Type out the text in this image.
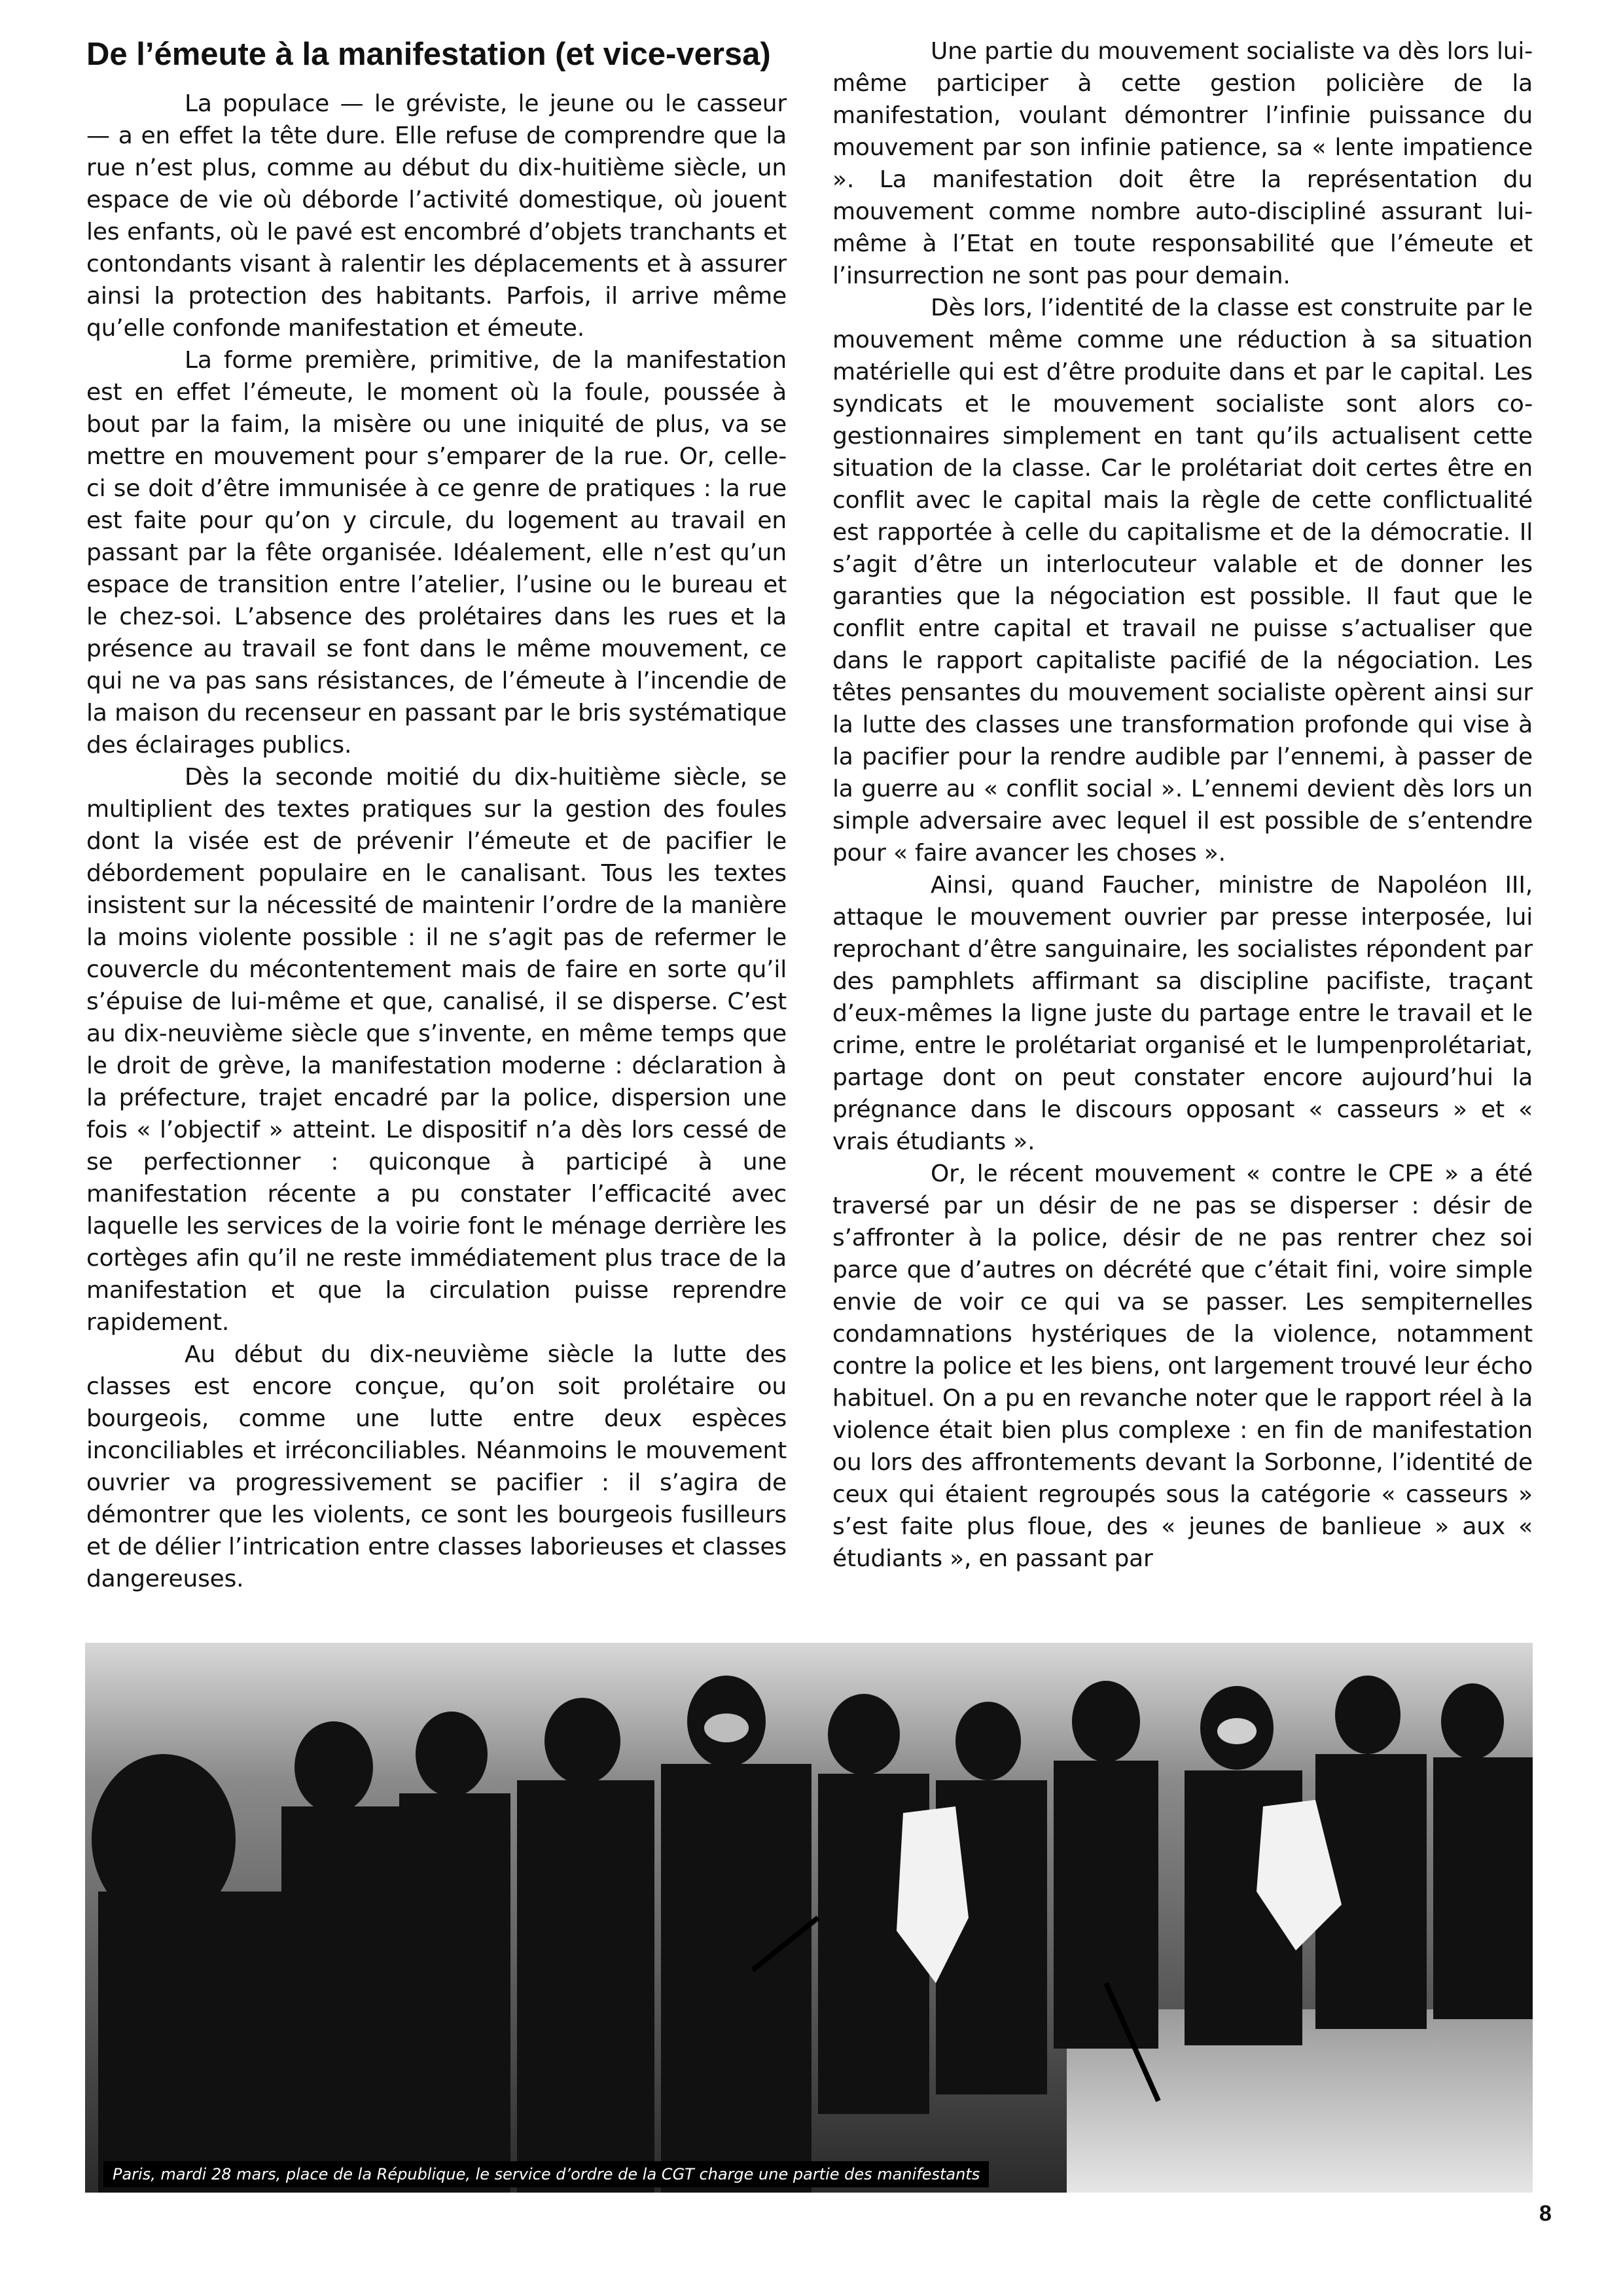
De l’émeute à la manifestation (et vice-versa)

La populace — le gréviste, le jeune ou le casseur — a en effet la tête dure. Elle refuse de comprendre que la rue n’est plus, comme au début du dix-huitième siècle, un espace de vie où déborde l’activité domestique, où jouent les enfants, où le pavé est encombré d’objets tranchants et contondants visant à ralentir les déplacements et à assurer ainsi la protection des habitants. Parfois, il arrive même qu’elle confonde manifestation et émeute.

La forme première, primitive, de la manifestation est en effet l’émeute, le moment où la foule, poussée à bout par la faim, la misère ou une iniquité de plus, va se mettre en mouvement pour s’emparer de la rue. Or, celle-ci se doit d’être immunisée à ce genre de pratiques : la rue est faite pour qu’on y circule, du logement au travail en passant par la fête organisée. Idéalement, elle n’est qu’un espace de transition entre l’atelier, l’usine ou le bureau et le chez-soi. L’absence des prolétaires dans les rues et la présence au travail se font dans le même mouvement, ce qui ne va pas sans résistances, de l’émeute à l’incendie de la maison du recenseur en passant par le bris systématique des éclairages publics.

Dès la seconde moitié du dix-huitième siècle, se multiplient des textes pratiques sur la gestion des foules dont la visée est de prévenir l’émeute et de pacifier le débordement populaire en le canalisant. Tous les textes insistent sur la nécessité de maintenir l’ordre de la manière la moins violente possible : il ne s’agit pas de refermer le couvercle du mécontentement mais de faire en sorte qu’il s’épuise de lui-même et que, canalisé, il se disperse. C’est au dix-neuvième siècle que s’invente, en même temps que le droit de grève, la manifestation moderne : déclaration à la préfecture, trajet encadré par la police, dispersion une fois « l’objectif » atteint. Le dispositif n’a dès lors cessé de se perfectionner : quiconque à participé à une manifestation récente a pu constater l’efficacité avec laquelle les services de la voirie font le ménage derrière les cortèges afin qu’il ne reste immédiatement plus trace de la manifestation et que la circulation puisse reprendre rapidement.

Au début du dix-neuvième siècle la lutte des classes est encore conçue, qu’on soit prolétaire ou bourgeois, comme une lutte entre deux espèces inconciliables et irréconciliables. Néanmoins le mouvement ouvrier va progressivement se pacifier : il s’agira de démontrer que les violents, ce sont les bourgeois fusilleurs et de délier l’intrication entre classes laborieuses et classes dangereuses.

Une partie du mouvement socialiste va dès lors lui-même participer à cette gestion policière de la manifestation, voulant démontrer l’infinie puissance du mouvement par son infinie patience, sa « lente impatience ». La manifestation doit être la représentation du mouvement comme nombre auto-discipliné assurant lui-même à l’Etat en toute responsabilité que l’émeute et l’insurrection ne sont pas pour demain.

Dès lors, l’identité de la classe est construite par le mouvement même comme une réduction à sa situation matérielle qui est d’être produite dans et par le capital. Les syndicats et le mouvement socialiste sont alors co-gestionnaires simplement en tant qu’ils actualisent cette situation de la classe. Car le prolétariat doit certes être en conflit avec le capital mais la règle de cette conflictualité est rapportée à celle du capitalisme et de la démocratie. Il s’agit d’être un interlocuteur valable et de donner les garanties que la négociation est possible. Il faut que le conflit entre capital et travail ne puisse s’actualiser que dans le rapport capitaliste pacifié de la négociation. Les têtes pensantes du mouvement socialiste opèrent ainsi sur la lutte des classes une transformation profonde qui vise à la pacifier pour la rendre audible par l’ennemi, à passer de la guerre au « conflit social ». L’ennemi devient dès lors un simple adversaire avec lequel il est possible de s’entendre pour « faire avancer les choses ».

Ainsi, quand Faucher, ministre de Napoléon III, attaque le mouvement ouvrier par presse interposée, lui reprochant d’être sanguinaire, les socialistes répondent par des pamphlets affirmant sa discipline pacifiste, traçant d’eux-mêmes la ligne juste du partage entre le travail et le crime, entre le prolétariat organisé et le lumpenprolétariat, partage dont on peut constater encore aujourd’hui la prégnance dans le discours opposant « casseurs » et « vrais étudiants ».

Or, le récent mouvement « contre le CPE » a été traversé par un désir de ne pas se disperser : désir de s’affronter à la police, désir de ne pas rentrer chez soi parce que d’autres on décrété que c’était fini, voire simple envie de voir ce qui va se passer. Les sempiternelles condamnations hystériques de la violence, notamment contre la police et les biens, ont largement trouvé leur écho habituel. On a pu en revanche noter que le rapport réel à la violence était bien plus complexe : en fin de manifestation ou lors des affrontements devant la Sorbonne, l’identité de ceux qui étaient regroupés sous la catégorie « casseurs » s’est faite plus floue, des « jeunes de banlieue » aux « étudiants », en passant par

Paris, mardi 28 mars, place de la République, le service d’ordre de la CGT charge une partie des manifestants
8
